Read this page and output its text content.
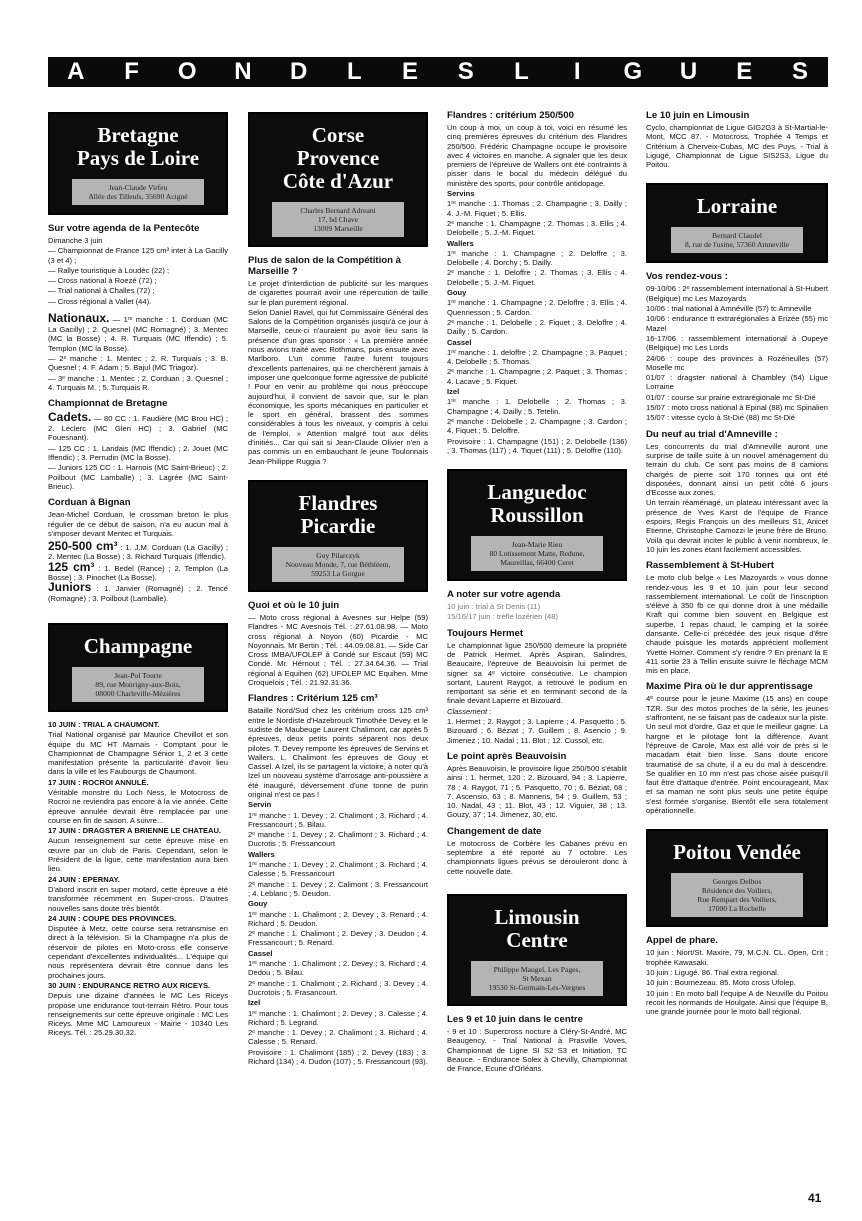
A F O N D L E S L	I	G U E S
Bretagne
Pays de Loire
Jean-Claude Virfeu
Allée des Tilleuls, 35690 Acigné
Sur votre agenda de la Pentecôte

Dimanche 3 juin

— Championnat de France 125 cm³ inter à La Gacilly (3 et 4) ;

— Rallye touristique à Loudéc (22) ;

— Cross national à Roezé (72) ;

— Trial national à Challes (72) ;

— Cross régional à Vallet (44).

Nationaux. — 1ʳᵉ manche : 1. Corduan (MC La Gacilly) ; 2. Quesnel (MC Romagné) ; 3. Mentec (MC la Bosse) ; 4. R. Turquais (MC Iffendic) ; 5. Templon (MC la Bosse).

— 2ᵉ manche : 1. Mentec ; 2. R. Turquais ; 3. B. Quesnel ; 4. F. Adam ; 5. Bajul (MC Triagoz).

— 3ᵉ manche : 1. Mentec ; 2. Corduan ; 3. Quesnel ; 4. Turquais M. ; 5. Turquais R.

Championnat de Bretagne

Cadets. — 80 CC : 1. Faudière (MC Brou HC) ; 2. Leclerc (MC Glen HC) ; 3. Gabriel (MC Fouesnant).

— 125 CC : 1. Landais (MC Iffendic) ; 2. Jouet (MC Iffendic) ; 3. Perrudin (MC la Bosse).

— Juniors 125 CC : 1. Harnois (MC Saint-Brieuc) ; 2. Poilbout (MC Lamballe) ; 3. Lagrée (MC Saint-Brieuc).

Corduan à Bignan

Jean-Michel Corduan, le crossman breton le plus régulier de ce début de saison, n'a eu aucun mal à s'imposer devant Mentec et Turquais.

250-500 cm³ : 1. J.M. Corduan (La Gacilly) ; 2. Mentec (La Bosse) ; 3. Richard Turquais (Iffendic).

125 cm³ : 1. Bedel (Rance) ; 2. Templon (La Bosse) ; 3. Pinochet (La Bosse).

Juniors : 1. Janvier (Romagné) ; 2. Tencé (Romagné) ; 3. Poilbout (Lamballe).

Champagne
Jean-Pol Tourte
89, rue Monrigny-aux-Bois,
08000 Charleville-Mézières

10 JUIN : TRIAL A CHAUMONT.

Trial National organisé par Maurice Chevillot et son équipe du MC HT Marnais - Comptant pour le Championnat de Champagne Sénior 1, 2 et 3 cette manifestation présente la particularité d'avoir lieu dans la ville et les Faubourgs de Chaumont.

17 JUIN : ROCROI ANNULÉ.

Véritable monstre du Loch Ness, le Motocross de Rocroi ne reviendra pas encore à la vie année. Cette épreuve annulée devrait être remplacée par une course en fin de saison. A suivre...

17 JUIN : DRAGSTER A BRIENNE LE CHATEAU.

Aucun renseignement sur cette épreuve mise en œuvre par un club de Paris. Cependant, selon le Président de la ligue, cette manifestation aura bien lieu.

24 JUIN : EPERNAY.

D'abord inscrit en super motard, cette épreuve a été transformée récemment en Super-cross. D'autres nouvelles sans doute très bientôt.

24 JUIN : COUPE DES PROVINCES.

Disputée à Metz, cette course sera retransmise en direct à la télévision. Si la Champagne n'a plus de réservoir de pilotes en Moto-cross elle conserve cependant d'excellentes individualités... L'équipe qui nous représentera devrait être connue dans les prochaines jours.

30 JUIN : ENDURANCE RETRO AUX RICEYS.

Depuis une dizaine d'années le MC Les Riceys propose une endurance tout-terrain Rétro. Pour tous renseignements sur cette épreuve originale : MC Les Riceys. Mme MC Lamoureux - Mairie - 10340 Les Riceys. Tél. : 25.29.30.32.

Corse
Provence
Côte d'Azur
Charles Bernard Adreani
17, bd Chave
13009 Marseille
Plus de salon de la Compétition à Marseille ?

Le projet d'interdiction de publicité sur les marques de cigarettes pourrait avoir une répercution de taille sur le plan purement régional.

Selon Daniel Ravel, qui fut Commissaire Général des Salons de la Compétition organisés jusqu'à ce jour à Marseille, ceux-ci n'auraient pu avoir lieu sans la présence d'un gras sponsor : « La première année nous avions traité avec Rothmans, puis ensuite avec Marlboro. L'un comme l'autre furent toujours d'excellents partenaires, qui ne cherchèrent jamais à imposer une quelconque forme agressive de publicité ! Pour en venir au problème qui nous préoccupe aujourd'hui, il convient de savoir que, sur le plan économique, les sports mécaniques en particulier et le sport en général, brassent des sommes considérables à tous les niveaux, y compris à celui de l'emploi. » Attention malgré tout aux délits d'initiés... Car qui sait si Jean-Claude Olivier n'en a pas commis un en embauchant le jeune Toulonnais Jean-Philippe Ruggia ?

Flandres
Picardie
Guy Pilarczyk
Nouveau Monde, 7, rue Béthléem,
59253 La Gorgue
Quoi et où le 10 juin

— Moto cross régional à Avesnes sur Helpe (59) Flandres - MC Avesnois Tél. : 27.61.08.98. — Moto cross régional à Noyon (60) Picardie - MC Noyonnais. Mr Bertin ; Tél. : 44.09.08.81. — Side Car Cross IMBA/UFOLEP à Condé sur Escaut (59) MC Condé. Mr. Hérnout ; Tél. : 27.34.64.36. — Trial régional à Equihen (62) UFOLEP MC Equihen. Mme Croquelois ; Tél. : 21.92.31.36.

Flandres : Critérium 125 cm³

Bataille Nord/Sud chez les critérium cross 125 cm³ entre le Nordiste d'Hazebrouck Timothée Devey et le sudiste de Maubeuge Laurent Chalimont, car après 5 épreuves, deux petits points séparent nos deux pilotes. T. Devey remporte les épreuves de Servins et Wallers. L. Chalimont les épreuves de Gouy et Cassel. A Izel, ils se partagent la victoire, à noter qu'à Izel un nouveau système d'arrosage anti-poussière a été inauguré, déversement d'une tonne de purin original n'est ce pas !

Servin

1ʳᵉ manche : 1. Devey ; 2. Chalimont ; 3. Richard ; 4. Fressancourt ; 5. Bilau.

2ᵉ manche : 1. Devey ; 2. Chalimont ; 3. Richard ; 4. Ducrotis ; 5. Fressancourt

Wallers

1ʳᵉ manche : 1. Devey ; 2. Chalimont ; 3. Richard ; 4. Calesse ; 5. Fressancourt

2ᵉ manche : 1. Devey ; 2. Calimont ; 3. Fressancourt ; 4. Leblanc ; 5. Deudon.

Gouy

1ʳᵉ manche : 1. Chalimont ; 2. Devey ; 3. Renard ; 4. Richard ; 5. Deudon.

2ᵉ manche : 1. Chalimont ; 2. Devey ; 3. Deudon ; 4. Fressancourt ; 5. Renard.

Cassel

1ʳᵉ manche : 1. Chalimont ; 2. Devey ; 3. Richard ; 4. Dedou ; 5. Bilau.

2ᵉ manche : 1. Chalimont ; 2. Richard ; 3. Devey ; 4. Ducrotois ; 5. Frasancourt.

Izel

1ʳᵉ manche : 1. Chalimont ; 2. Devey ; 3. Calesse ; 4. Richard ; 5. Legrand.

2ᵉ manche : 1. Devey ; 2. Chalimont ; 3. Richard ; 4. Calesse ; 5. Renard.

Provisoire : 1. Chalimont (185) ; 2. Devey (183) ; 3. Richard (134) ; 4. Dudon (107) ; 5. Fressancourt (93).

Flandres : critérium 250/500

Un coup à moi, un coup à toi, voici en résumé les cinq premières épreuves du critérium des Flandres 250/500. Frédéric Champagne occupe le provisoire avec 4 victoires en manche. A signaler que les deux premiers de l'épreuve de Wallers ont été contraints à pisser dans le bocal du médecin délégué du ministère des sports, pour contrôle antidopage.

Servins

1ʳᵉ manche : 1. Thomas ; 2. Champagne ; 3. Dailly ; 4. J.-M. Fiquet ; 5. Ellis.

2ᵉ manche : 1. Champagne ; 2. Thomas ; 3. Ellis ; 4. Delobelle ; 5. J.-M. Fiquet.

Wallers

1ʳᵉ manche : 1. Champagne ; 2. Deloffre ; 3. Delobelle ; 4. Dorchy ; 5. Dailly.

2ᵉ manche : 1. Deloffre ; 2. Thomas ; 3. Ellis ; 4. Delobelle ; 5. J.-M. Fiquet.

Gouy

1ʳᵉ manche : 1. Champagne ; 2. Deloffre ; 3. Ellis ; 4. Quennesson ; 5. Cardon.

2ᵉ manche : 1. Delobelle ; 2. Fiquet ; 3. Deloffre ; 4. Dailly ; 5. Cardon.

Cassel

1ʳᵉ manche : 1. deloffre ; 2. Champagne ; 3. Paquet ; 4. Delobelle ; 5. Thomas.

2ᵉ manche : 1. Champagne ; 2. Paquet ; 3. Thomas ; 4. Lacave ; 5. Fiquet.

Izel

1ʳᵉ manche : 1. Delobelle ; 2. Thomas ; 3. Champagne ; 4. Dailly ; 5. Tetelin.

2ᵉ manche : Delobelle ; 2. Champagne ; 3. Cardon ; 4. Fiquet ; 5. Deloffre.

Provisoire : 1. Champagne (151) ; 2. Delobelle (136) ; 3. Thomas (117) ; 4. Tiquet (111) ; 5. Deloffre (110).

Languedoc
Roussillon
Jean-Marie Rieu
80 Lotissement Matte, Redune,
Maureillas, 66400 Ceret
A noter sur votre agenda

10 juin : trial à St Denis (11)

15/16/17 juin : trèfle lozérien (48)

Toujours Hermet

Le championnat ligue 250/500 demeure la propriété de Patrick Hermet. Après Aspiran, Salindres, Beaucaire, l'épreuve de Beauvoisin lui permet de signer sa 4ᵉ victoire consécutive. Le champion sortant, Laurent Raygot, a retrouvé le podium en remportant sa série et en terminant second de la finale devant Lapierre et Bizouard.

Classement :

1. Hermet ; 2. Raygot ; 3. Lapierre ; 4. Pasquetto ; 5. Bizouard ; 6. Béziat ; 7. Guillem ; 8. Asencio ; 9. Jimenez ; 10. Nadal ; 11. Blot ; 12. Cussol, etc.

Le point après Beauvoisin

Après Beauvoisin, le provisoire ligue 250/500 s'établit ainsi : 1. hermet, 120 ; 2. Bizouard, 94 ; 3. Lapierre, 78 ; 4. Raygot, 71 ; 5. Pasquetto, 70 ; 6. Béziat, 68 ; 7. Ascensio, 63 ; 8. Mannens, 54 ; 9. Guillem, 53 ; 10. Nadal, 43 ; 11. Blot, 43 ; 12. Viguier, 38 ; 13. Gouzy, 37 ; 14. Jimenez, 30, etc.

Changement de date

Le motocross de Corbère les Cabanes prévu en septembre a été reporté au 7 octobre. Les championnats ligues prévus se dérouleront donc à cette nouvelle date.

Limousin
Centre
Philippe Maugel, Les Pages,
St Mexan
19530 St-Germain-Les-Vergnes
Les 9 et 10 juin dans le centre

- 9 et 10 : Supercross nocture à Cléry-St-André, MC Beaugency. - Trial National à Prasville Voves, Championnat de Ligne SI S2 S3 et Initiation, TC Beauce. - Endurance Solex à Chevilly, Championnat de France, Ecurie d'Orléans.

Le 10 juin en Limousin

Cyclo, championnat de Ligue GIG2G3 à St-Martial-le-Mont, MCC 87. - Motocross, Trophée 4 Temps et Critérium à Cherveix-Cubas, MC des Puys. - Trial à Ligugé, Championnat de Ligue SIS2S3, Ligue du Poitou.

Lorraine
Bernard Claudel
8, rue de l'usine, 57360 Amneville
Vos rendez-vous :

09-10/06 : 2ᵉ rassemblement international à St-Hubert (Belgique) mc Les Mazoyards

10/06 : trial national à Amnéville (57) tc Amneville

10/06 : endurance tt extrarégionales à Erizée (55) mc Mazel

16-17/06 : rassemblement international à Oupeye (Belgique) mc Les Lords

24/06 : coupe des provinces à Rozérieulles (57) Moselle mc

01/07 : dragster national à Chambley (54) Ligue Lorraine

01/07 : course sur prairie extrarégionale mc St-Dié

15/07 : moto cross national à Epinal (88) mc Spinalien

15/07 : vitesse cyclo à St-Dié (88) mc St-Dié

Du neuf au trial d'Amneville :

Les concurrents du trial d'Amneville auront une surprise de taille suite à un nouvel aménagement du terrain du club. Ce sont pas moins de 8 camions chargés de pierre soit 170 tonnes qui ont été disposées, donnant ainsi un petit côté 6 jours d'Ecosse aux zones.

Un terrain réaménagé, un plateau intéressant avec la présence de Yves Karst de l'équipe de France espoirs, Regis François un des meilleurs S1, Anicet Etienne, Christophe Camozzi le jeune frère de Bruno. Voilà qui devrait inciter le public à venir nombreux, le 10 juin les zones étant facilement accessibles.

Rassemblement à St-Hubert

Le moto club belge « Les Mazoyards » vous donne rendez-vous les 9 et 10 juin pour leur second rassemblement international. Le coût de l'inscription s'élève à 350 fb ce qui donne droit à une médaille Kraft qui comme bien souvent en Belgique est superbe, 1 repas chaud, le camping et la soirée dansante. Celle-ci précédée des jeux risque d'être chaude puisque les motards apprécient mollement Yvette Horner. Comment s'y rendre ? En prenant la E 411 sortie 23 à Tellin ensuite suivre le fléchage MCM mis en place.

Maxime Pira où le dur apprentissage

4ᵉ course pour le jeune Maxime (15 ans) en coupe TZR. Sur des motos proches de la série, les jeunes s'affrontent, ne se faisant pas de cadeaux sur la piste. Un seul mot d'ordre, Gaz et que le meilleur gagne. La hargne et le pilotage font la différence. Avant l'épreuve de Carole, Max est allé voir de près si le macadam était bien lisse. Sans doute encore traumatisé de sa chute, il a eu du mal à descendre. Se qualifier en 10 mn n'est pas chose aisée puisqu'il faut être d'attaque d'entrée. Point encourageant, Max et sa maman ne sont plus seuls une petite équipe s'est formée s'organise. Bientôt elle sera totalement opérationnelle.

Poitou Vendée
Georges Delbos
Résidence des Voiliers,
Rue Rempart des Voiliers,
17000 La Rochelle
Appel de phare.

10 juin : Niort/St. Maxire, 79, M.C.N. CL. Open, Crit ; trophée Kawasaki.

10 juin : Ligugé. 86. Trial extra regional.

10 juin : Bournezeau. 85. Moto cross Ufolep.

10 juin : En moto ball l'equipe A de Neuville du Poitou recoit les normands de Houlgate. Ainsi que l'équipe B, une grande journée pour le moto ball régional.

41
